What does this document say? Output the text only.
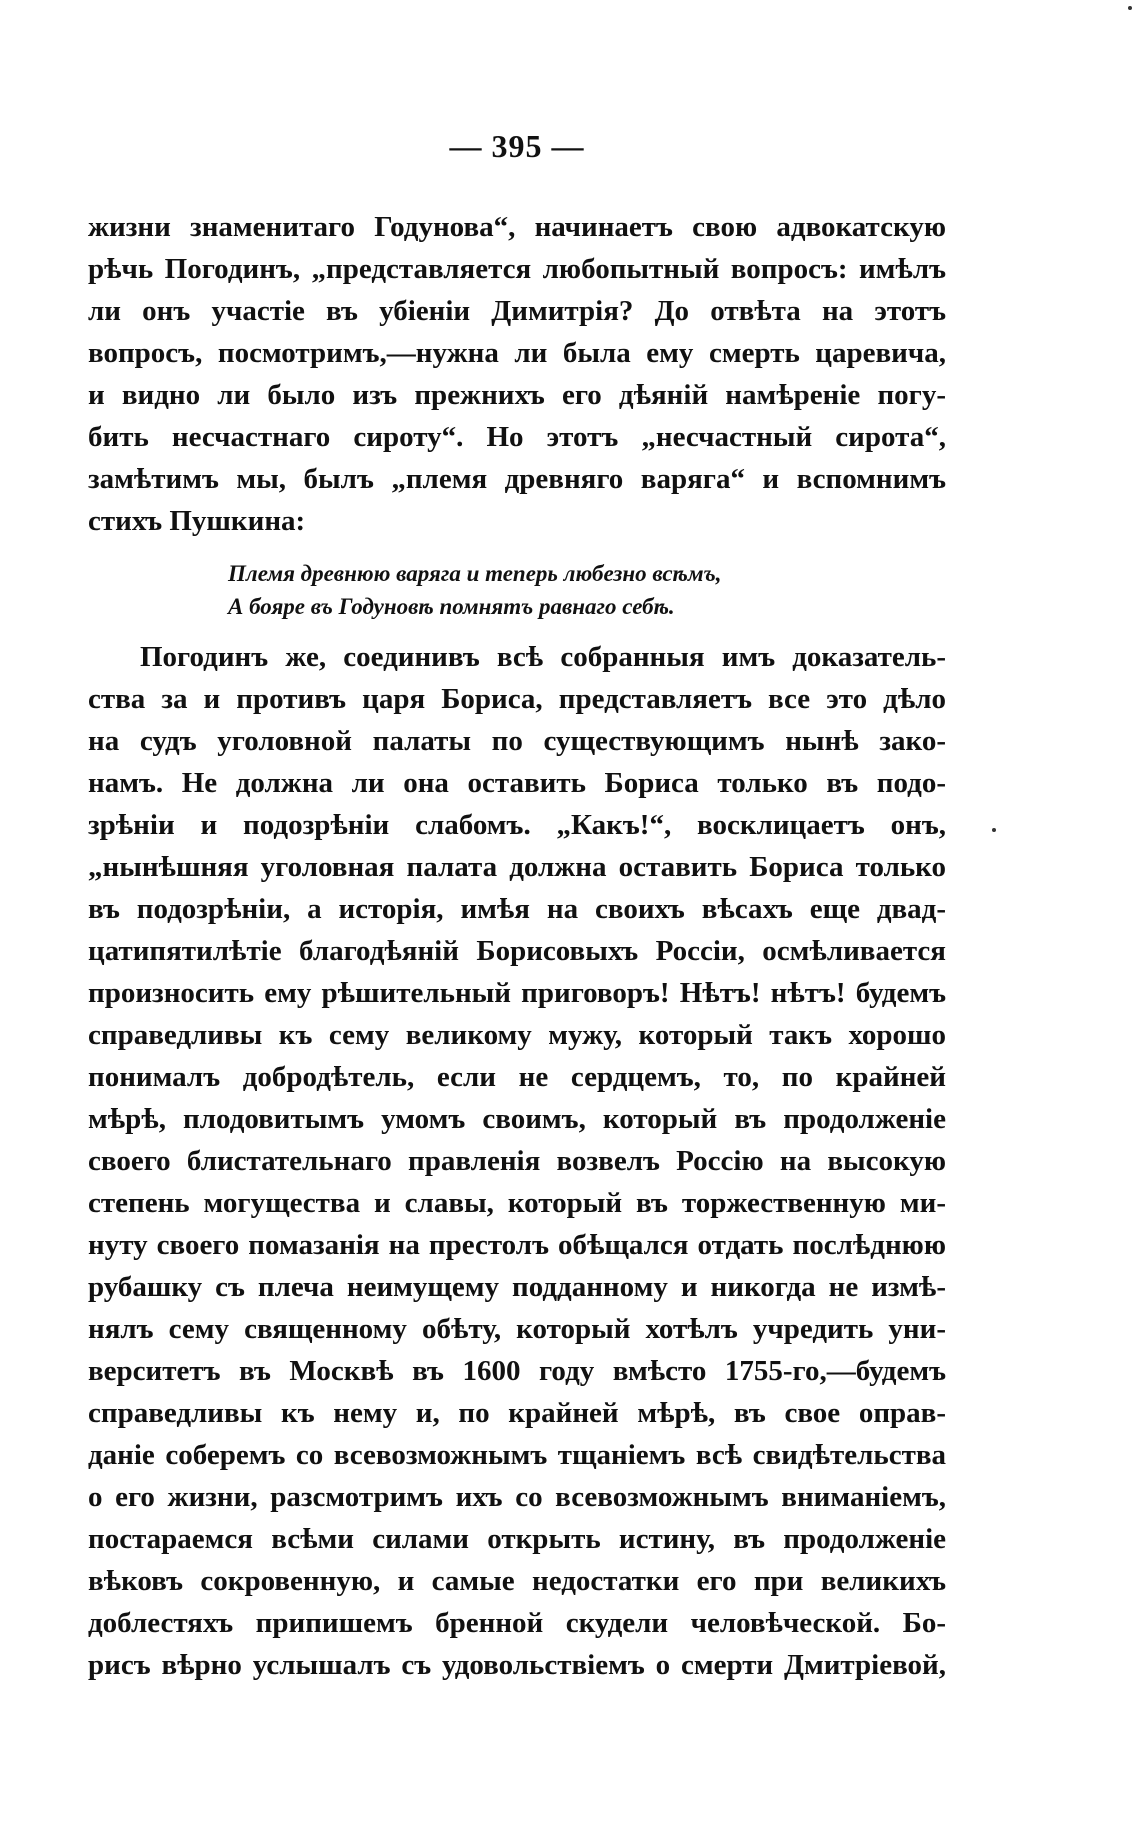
— 395 —
жизни знаменитаго Годунова“, начинаетъ свою адвокатскую
рѣчь Погодинъ, „представляется любопытный вопросъ: имѣлъ
ли онъ участіе въ убіеніи Димитрія? До отвѣта на этотъ
вопросъ, посмотримъ,—нужна ли была ему смерть царевича,
и видно ли было изъ прежнихъ его дѣяній намѣреніе погу-
бить несчастнаго сироту“. Но этотъ „несчастный сирота“,
замѣтимъ мы, былъ „племя древняго варяга“ и вспомнимъ
стихъ Пушкина:
Племя древнюю варяга и теперь любезно всѣмъ,
А бояре въ Годуновѣ помнятъ равнаго себѣ.
Погодинъ же, соединивъ всѣ собранныя имъ доказатель-
ства за и противъ царя Бориса, представляетъ все это дѣло
на судъ уголовной палаты по существующимъ нынѣ зако-
намъ. Не должна ли она оставить Бориса только въ подо-
зрѣніи и подозрѣніи слабомъ. „Какъ!“, восклицаетъ онъ,
„нынѣшняя уголовная палата должна оставить Бориса только
въ подозрѣніи, а исторія, имѣя на своихъ вѣсахъ еще двад-
цатипятилѣтіе благодѣяній Борисовыхъ Россіи, осмѣливается
произносить ему рѣшительный приговоръ! Нѣтъ! нѣтъ! будемъ
справедливы къ сему великому мужу, который такъ хорошо
понималъ добродѣтель, если не сердцемъ, то, по крайней
мѣрѣ, плодовитымъ умомъ своимъ, который въ продолженіе
своего блистательнаго правленія возвелъ Россію на высокую
степень могущества и славы, который въ торжественную ми-
нуту своего помазанія на престолъ обѣщался отдать послѣднюю
рубашку съ плеча неимущему подданному и никогда не измѣ-
нялъ сему священному обѣту, который хотѣлъ учредить уни-
верситетъ въ Москвѣ въ 1600 году вмѣсто 1755-го,—будемъ
справедливы къ нему и, по крайней мѣрѣ, въ свое оправ-
даніе соберемъ со всевозможнымъ тщаніемъ всѣ свидѣтельства
о его жизни, разсмотримъ ихъ со всевозможнымъ вниманіемъ,
постараемся всѣми силами открыть истину, въ продолженіе
вѣковъ сокровенную, и самые недостатки его при великихъ
доблестяхъ припишемъ бренной скудели человѣческой. Бо-
рисъ вѣрно услышалъ съ удовольствіемъ о смерти Дмитріевой,
